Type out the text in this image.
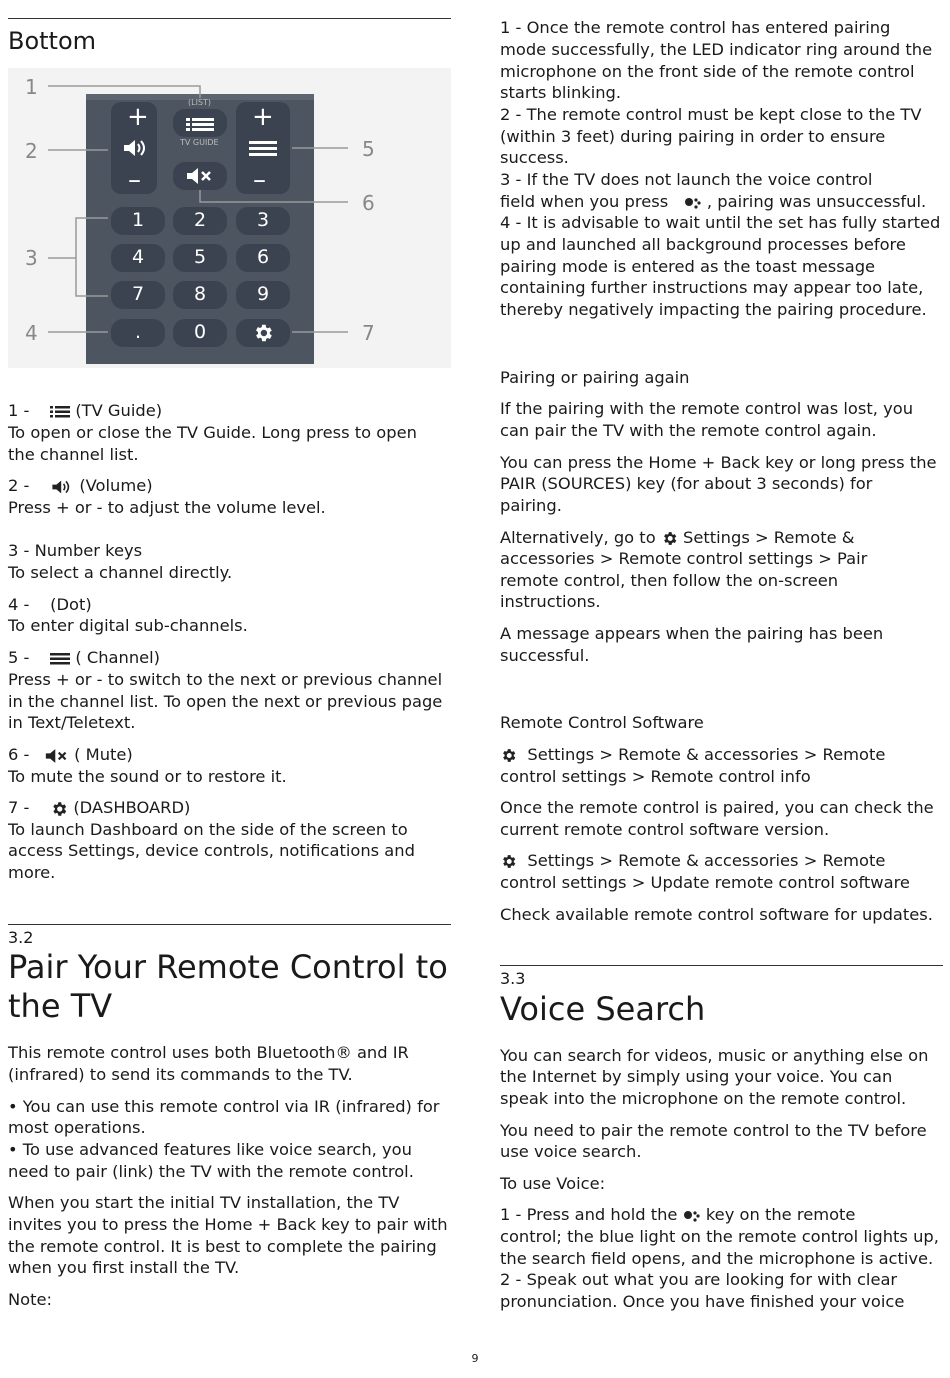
Bottom
+
–
+
–
(LIST)
TV GUIDE
1	2	3
4	5	6
7	8	9
.	0
1
2
3
4
5
6
7
1 -	(TV Guide)
To open or close the TV Guide. Long press to open
the channel list.
2 -	(Volume)
Press + or - to adjust the volume level.
3 - Number keys
To select a channel directly.
4 - (Dot)
To enter digital sub-channels.
5 -	( Channel)
Press + or - to switch to the next or previous channel
in the channel list. To open the next or previous page
in Text/Teletext.
6 -	( Mute)
To mute the sound or to restore it.
7 -	(DASHBOARD)
To launch Dashboard on the side of the screen to
access Settings, device controls, notifications and
more.
3.2
Pair Your Remote Control to
the TV
This remote control uses both Bluetooth® and IR
(infrared) to send its commands to the TV.
• You can use this remote control via IR (infrared) for
most operations.
• To use advanced features like voice search, you
need to pair (link) the TV with the remote control.
When you start the initial TV installation, the TV
invites you to press the Home + Back key to pair with
the remote control. It is best to complete the pairing
when you first install the TV.
Note:
1 - Once the remote control has entered pairing
mode successfully, the LED indicator ring around the
microphone on the front side of the remote control
starts blinking.
2 - The remote control must be kept close to the TV
(within 3 feet) during pairing in order to ensure
success.
3 - If the TV does not launch the voice control
field when you press , pairing was unsuccessful.
4 - It is advisable to wait until the set has fully started
up and launched all background processes before
pairing mode is entered as the toast message
containing further instructions may appear too late,
thereby negatively impacting the pairing procedure.
Pairing or pairing again
If the pairing with the remote control was lost, you
can pair the TV with the remote control again.
You can press the Home + Back key or long press the
PAIR (SOURCES) key (for about 3 seconds) for
pairing.
Alternatively, go to Settings > Remote &
accessories > Remote control settings > Pair
remote control, then follow the on-screen
instructions.
A message appears when the pairing has been
successful.
Remote Control Software
Settings > Remote & accessories > Remote
control settings > Remote control info
Once the remote control is paired, you can check the
current remote control software version.
Settings > Remote & accessories > Remote
control settings > Update remote control software
Check available remote control software for updates.
3.3
Voice Search
You can search for videos, music or anything else on
the Internet by simply using your voice. You can
speak into the microphone on the remote control.
You need to pair the remote control to the TV before
use voice search.
To use Voice:
1 - Press and hold the key on the remote
control; the blue light on the remote control lights up,
the search field opens, and the microphone is active.
2 - Speak out what you are looking for with clear
pronunciation. Once you have finished your voice
9
